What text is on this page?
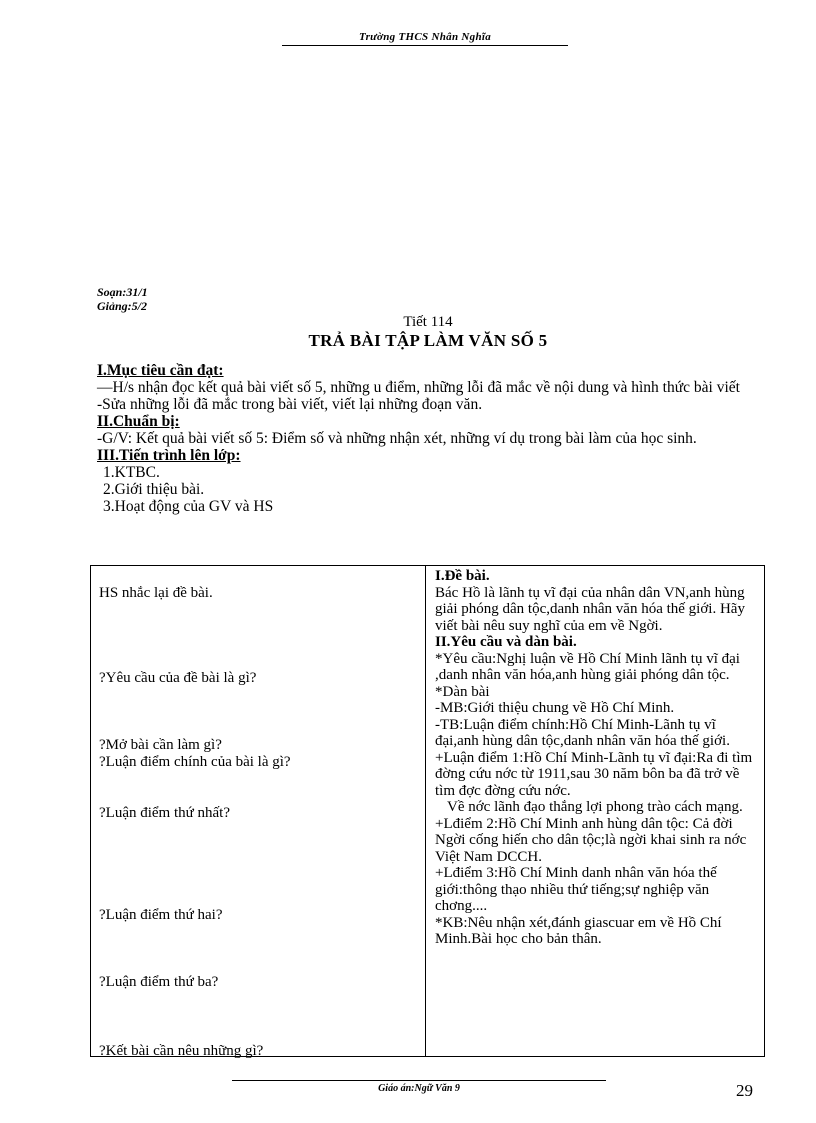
Trường THCS Nhân Nghĩa
Soạn:31/1
Giảng:5/2
Tiết 114
TRẢ BÀI TẬP LÀM VĂN SỐ 5

I.Mục tiêu cần đạt:

—H/s nhận đọc kết quả bài viết số 5, những u điểm, những lỗi đã mắc về nội dung và hình thức bài viết

-Sửa những lỗi đã mắc trong bài viết, viết lại những đoạn văn.

II.Chuẩn bị:

-G/V: Kết quả bài viết số 5: Điểm số và những nhận xét, những ví dụ trong bài làm của học sinh.

III.Tiến trình lên lớp:

1.KTBC.

2.Giới thiệu bài.

3.Hoạt động của GV và HS

HS nhắc lại đề bài.
?Yêu cầu của đề bài là gì?
?Mở bài cần làm gì?
?Luận điểm chính của bài là gì?
?Luận điểm thứ nhất?
?Luận điểm thứ hai?
?Luận điểm thứ ba?
?Kết bài cần nêu những gì?

I.Đề bài.

Bác Hồ là lãnh tụ vĩ đại của nhân dân VN,anh hùng giải phóng dân tộc,danh nhân văn hóa thế giới. Hãy viết bài nêu suy nghĩ của em về Ngời.

II.Yêu cầu và dàn bài.

*Yêu cầu:Nghị luận về Hồ Chí Minh lãnh tụ vĩ đại ,danh nhân văn hóa,anh hùng giải phóng dân tộc.

*Dàn bài

-MB:Giới thiệu chung về Hồ Chí Minh.

-TB:Luận điểm chính:Hồ Chí Minh-Lãnh tụ vĩ đại,anh hùng dân tộc,danh nhân văn hóa thế giới.

+Luận điểm 1:Hồ Chí Minh-Lãnh tụ vĩ đại:Ra đi tìm đờng cứu nớc từ 1911,sau 30 năm bôn ba đã trở về tìm đợc đờng cứu nớc.

Về nớc lãnh đạo thắng lợi phong trào cách mạng.

+Lđiểm 2:Hồ Chí Minh anh hùng dân tộc: Cả đời Ngời cống hiến cho dân tộc;là ngời khai sinh ra nớc Việt Nam DCCH.

+Lđiểm 3:Hồ Chí Minh danh nhân văn hóa thế giới:thông thạo nhiều thứ tiếng;sự nghiệp văn chơng....

*KB:Nêu nhận xét,đánh giascuar em về Hồ Chí Minh.Bài học cho bản thân.

Giáo án:Ngữ Văn 9	29
